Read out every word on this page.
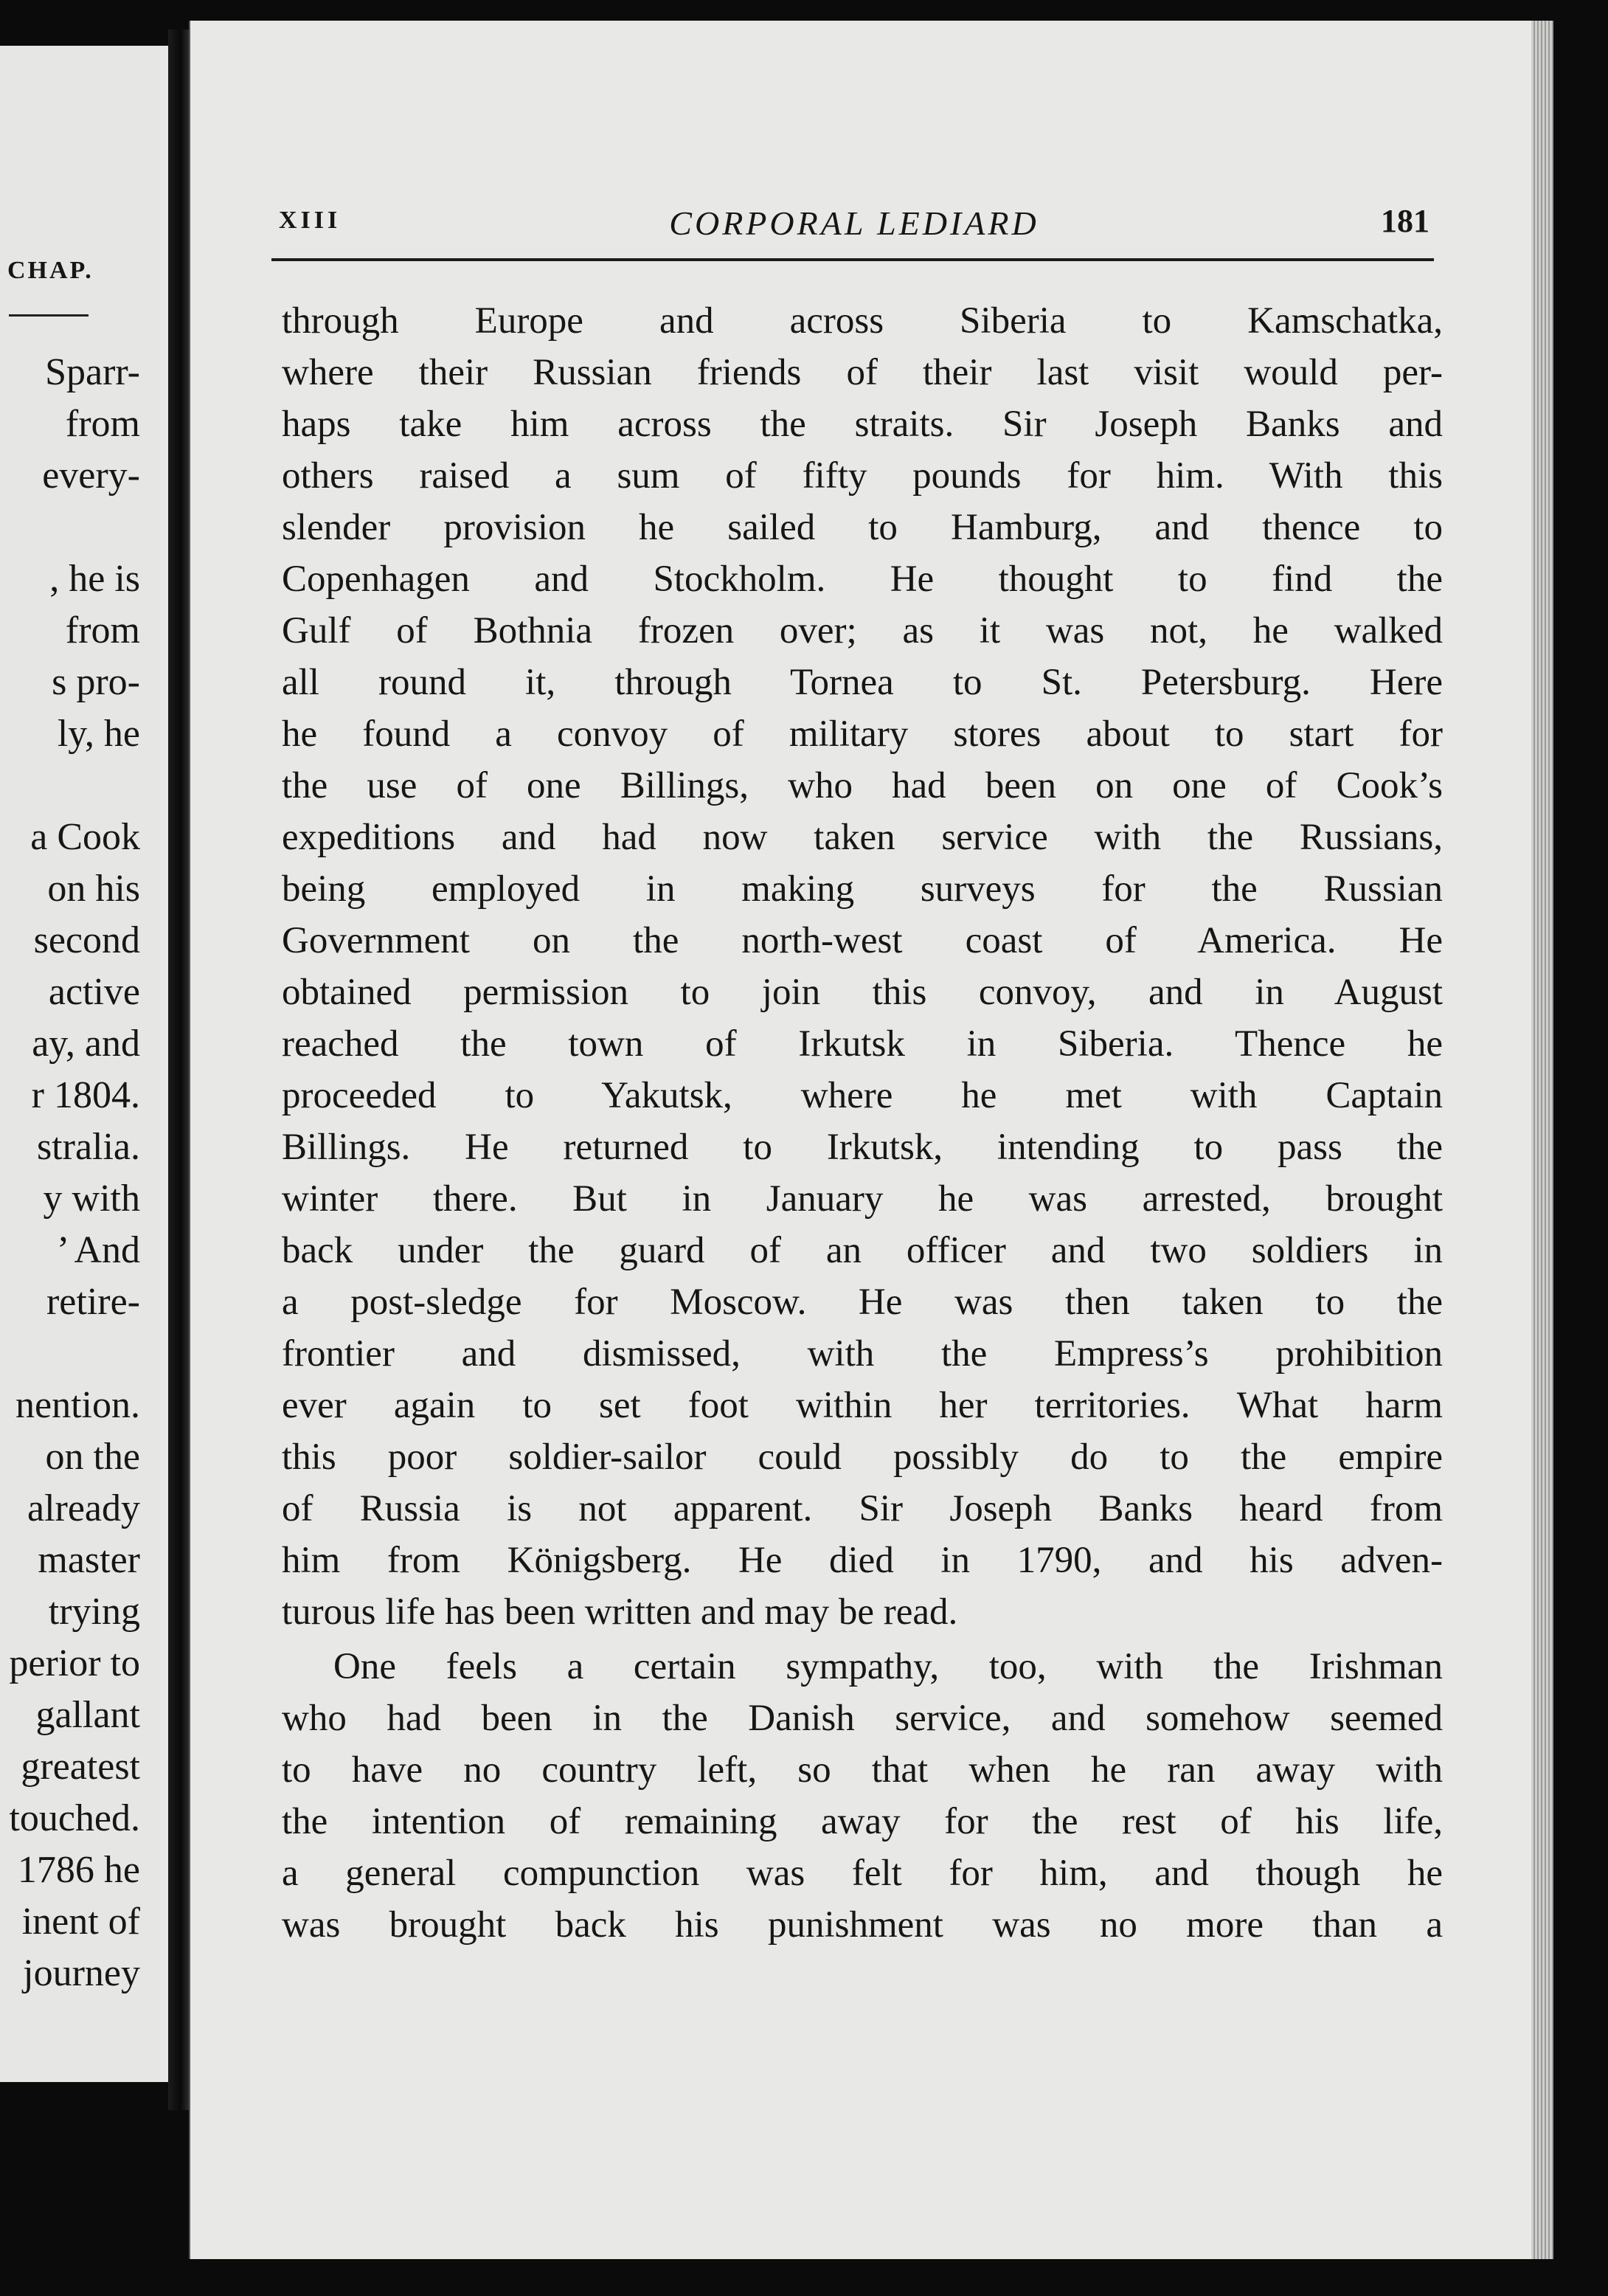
CHAP.
Sparr-
from
every-
, he is
from
s pro-
ly, he
a Cook
on his
second
active
ay, and
r 1804.
stralia.
y with
’ And
retire-
nention.
on the
already
master
trying
perior to
gallant
greatest
touched.
1786 he
inent of
journey
XIII	CORPORAL LEDIARD	181
through Europe and across Siberia to Kamschatka,
where their Russian friends of their last visit would per-
haps take him across the straits. Sir Joseph Banks and
others raised a sum of fifty pounds for him. With this
slender provision he sailed to Hamburg, and thence to
Copenhagen and Stockholm. He thought to find the
Gulf of Bothnia frozen over; as it was not, he walked
all round it, through Tornea to St. Petersburg. Here
he found a convoy of military stores about to start for
the use of one Billings, who had been on one of Cook’s
expeditions and had now taken service with the Russians,
being employed in making surveys for the Russian
Government on the north-west coast of America. He
obtained permission to join this convoy, and in August
reached the town of Irkutsk in Siberia. Thence he
proceeded to Yakutsk, where he met with Captain
Billings. He returned to Irkutsk, intending to pass the
winter there. But in January he was arrested, brought
back under the guard of an officer and two soldiers in
a post-sledge for Moscow. He was then taken to the
frontier and dismissed, with the Empress’s prohibition
ever again to set foot within her territories. What harm
this poor soldier-sailor could possibly do to the empire
of Russia is not apparent. Sir Joseph Banks heard from
him from Königsberg. He died in 1790, and his adven-
turous life has been written and may be read.
One feels a certain sympathy, too, with the Irishman
who had been in the Danish service, and somehow seemed
to have no country left, so that when he ran away with
the intention of remaining away for the rest of his life,
a general compunction was felt for him, and though he
was brought back his punishment was no more than a
